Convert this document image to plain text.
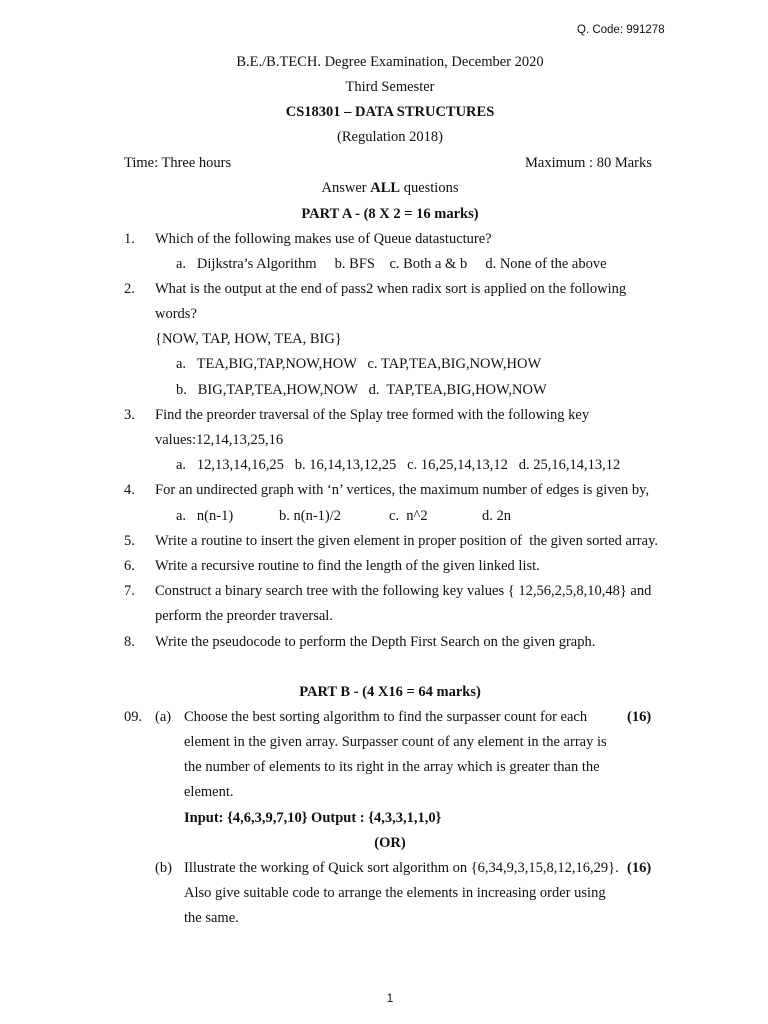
Q. Code: 991278
B.E./B.TECH. Degree Examination, December 2020
Third Semester
CS18301 – DATA STRUCTURES
(Regulation 2018)
Time: Three hours	Maximum : 80 Marks
Answer ALL questions
PART A - (8 X 2 = 16 marks)
1. Which of the following makes use of Queue datastucture?
a.   Dijkstra’s Algorithm     b. BFS    c. Both a & b     d. None of the above
2. What is the output at the end of pass2 when radix sort is applied on the following
words?
{NOW, TAP, HOW, TEA, BIG}
a.   TEA,BIG,TAP,NOW,HOW   c. TAP,TEA,BIG,NOW,HOW
b.   BIG,TAP,TEA,HOW,NOW   d.  TAP,TEA,BIG,HOW,NOW
3. Find the preorder traversal of the Splay tree formed with the following key
values:12,14,13,25,16
a.   12,13,14,16,25   b. 16,14,13,12,25   c. 16,25,14,13,12   d. 25,16,14,13,12
4. For an undirected graph with ‘n’ vertices, the maximum number of edges is given by,
a.   n(n-1)	b. n(n-1)/2	c.  n^2	d. 2n
5. Write a routine to insert the given element in proper position of  the given sorted array.
6. Write a recursive routine to find the length of the given linked list.
7. Construct a binary search tree with the following key values { 12,56,2,5,8,10,48} and
perform the preorder traversal.
8. Write the pseudocode to perform the Depth First Search on the given graph.
PART B - (4 X16 = 64 marks)
09. (a) Choose the best sorting algorithm to find the surpasser count for each	(16)
element in the given array. Surpasser count of any element in the array is
the number of elements to its right in the array which is greater than the
element.
Input: {4,6,3,9,7,10} Output : {4,3,3,1,1,0}
(OR)
(b) Illustrate the working of Quick sort algorithm on {6,34,9,3,15,8,12,16,29}. (16)
Also give suitable code to arrange the elements in increasing order using
the same.
1
